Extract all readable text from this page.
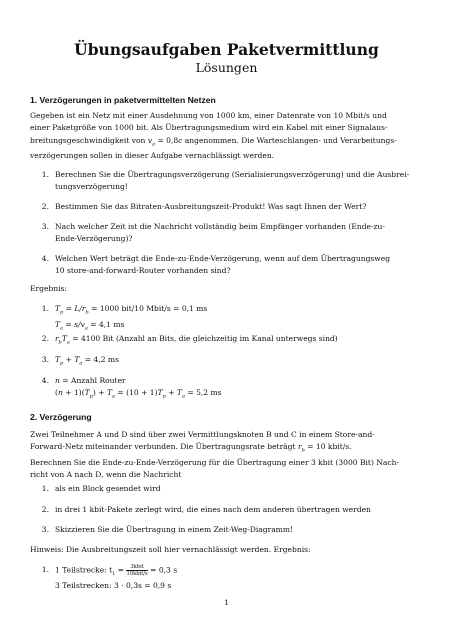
Übungsaufgaben Paketvermittlung
Lösungen
1. Verzögerungen in paketvermittelten Netzen
Gegeben ist ein Netz mit einer Ausdehnung von 1000 km, einer Datenrate von 10 Mbit/s und
einer Paketgröße von 1000 bit. Als Übertragungsmedium wird ein Kabel mit einer Signalaus-
breitungsgeschwindigkeit von $v_a = 0,8c$ angenommen. Die Warteschlangen- und Verarbeitungs-
verzögerungen sollen in dieser Aufgabe vernachlässigt werden.
1. Berechnen Sie die Übertragungsverzögerung (Serialisierungsverzögerung) und die Ausbrei-
tungsverzögerung!
2. Bestimmen Sie das Bitraten-Ausbreitungszeit-Produkt! Was sagt Ihnen der Wert?
3. Nach welcher Zeit ist die Nachricht vollständig beim Empfänger vorhanden (Ende-zu-
Ende-Verzögerung)?
4. Welchen Wert beträgt die Ende-zu-Ende-Verzögerung, wenn auf dem Übertragungsweg
10 store-and-forward-Router vorhanden sind?
Ergebnis:
1. $T_p = L/r_b = 1000$ bit/10 Mbit/s = 0,1 ms
$T_a = s/v_a = 4,1$ ms
2. $r_bT_a = 4100$ Bit (Anzahl an Bits, die gleichzeitig im Kanal unterwegs sind)
3. $T_p + T_a = 4,2$ ms
4. n = Anzahl Router
$(n + 1)(T_p) + T_a = (10 + 1)T_p + T_a = 5,2$ ms
2. Verzögerung
Zwei Teilnehmer A und D sind über zwei Vermittlungsknoten B und C in einem Store-and-
Forward-Netz miteinander verbunden. Die Übertragungsrate beträgt $r_b = 10$ kbit/s.
Berechnen Sie die Ende-zu-Ende-Verzögerung für die Übertragung einer 3 kbit (3000 Bit) Nach-
richt von A nach D, wenn die Nachricht
1. als ein Block gesendet wird
2. in drei 1 kbit-Pakete zerlegt wird, die eines nach dem anderen übertragen werden
3. Skizzieren Sie die Übertragung in einem Zeit-Weg-Diagramm!
Hinweis: Die Ausbreitungszeit soll hier vernachlässigt werden. Ergebnis:
1. 1 Teilstrecke: $t_1 = \frac{\text{3kbit}}{\text{10kbit/s}} = 0,3$ s
3 Teilstrecken: 3 · 0,3s = 0,9 s
1
